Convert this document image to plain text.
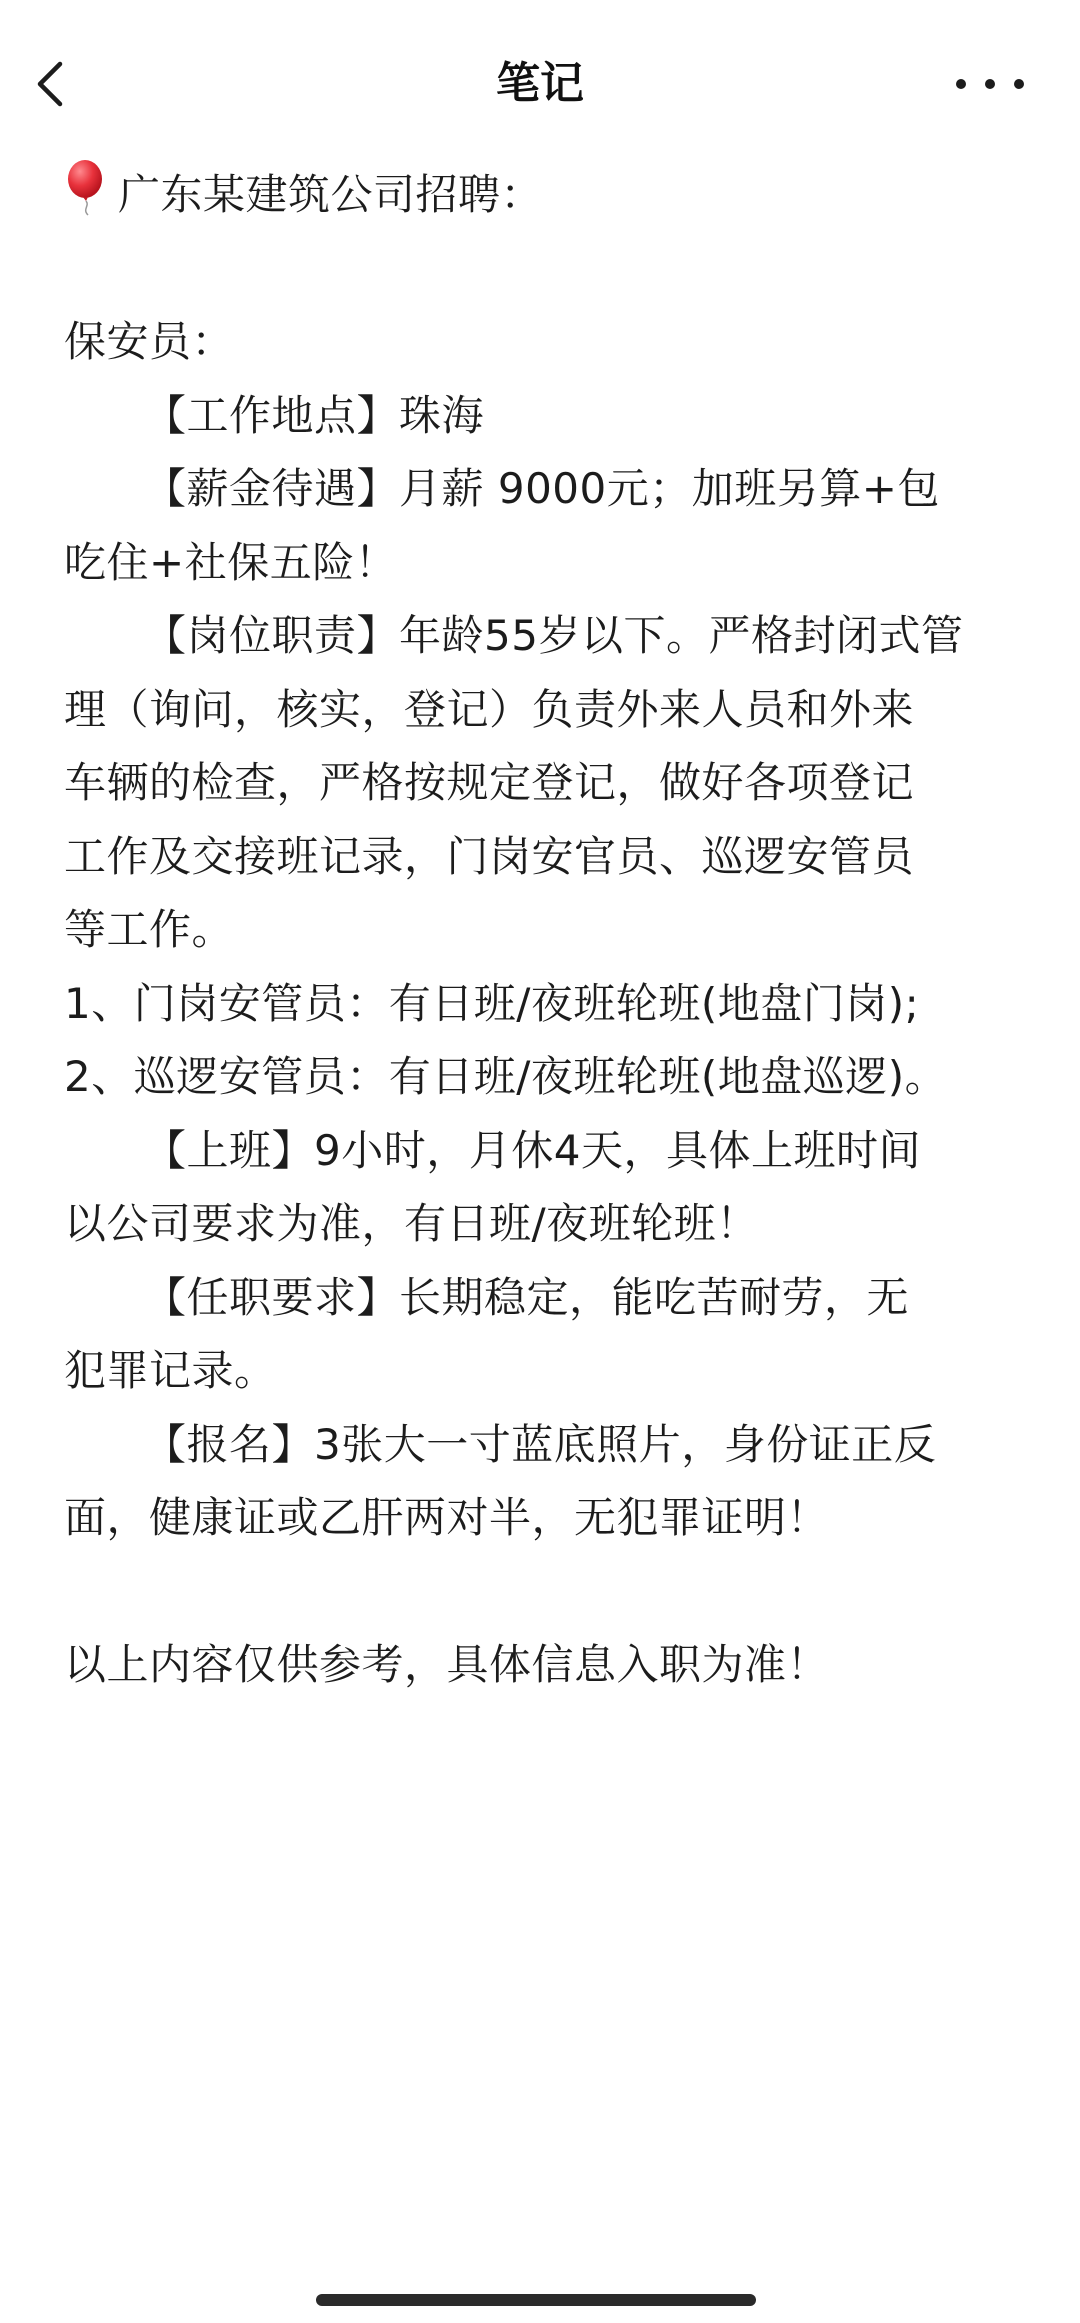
笔记
广东某建筑公司招聘：
保安员：
【工作地点】珠海
【薪金待遇】月薪 9000元；加班另算+包
吃住+社保五险！
【岗位职责】年龄55岁以下。严格封闭式管
理（询问，核实，登记）负责外来人员和外来
车辆的检查，严格按规定登记，做好各项登记
工作及交接班记录，门岗安官员、巡逻安管员
等工作。
1、门岗安管员：有日班/夜班轮班(地盘门岗);
2、巡逻安管员：有日班/夜班轮班(地盘巡逻)。
【上班】9小时，月休4天，具体上班时间
以公司要求为准，有日班/夜班轮班！
【任职要求】长期稳定，能吃苦耐劳，无
犯罪记录。
【报名】3张大一寸蓝底照片，身份证正反
面，健康证或乙肝两对半，无犯罪证明！
以上内容仅供参考，具体信息入职为准！
